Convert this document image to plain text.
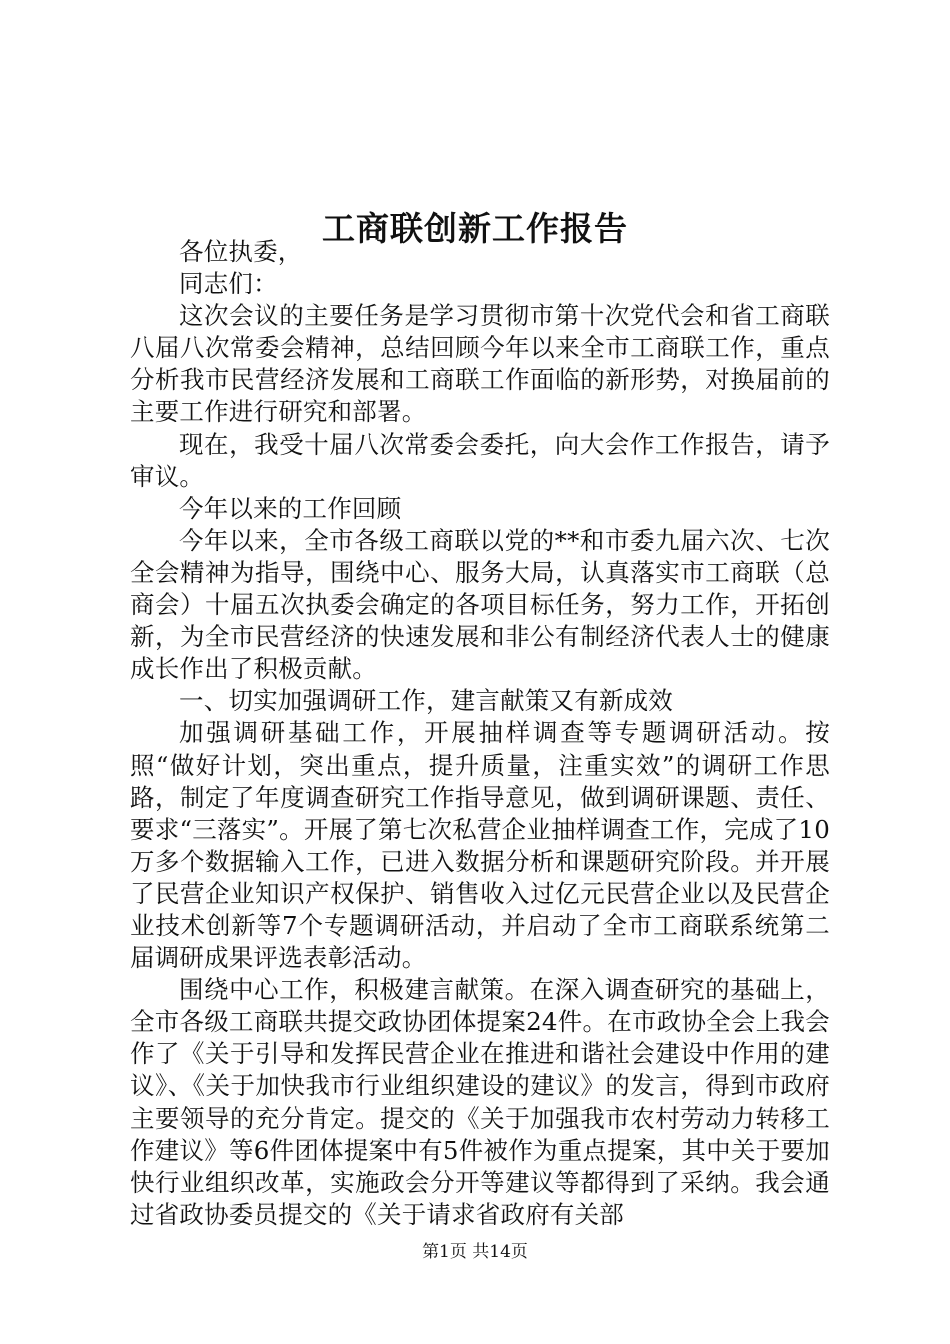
工商联创新工作报告

各位执委，

同志们：

这次会议的主要任务是学习贯彻市第十次党代会和省工商联八届八次常委会精神，总结回顾今年以来全市工商联工作，重点分析我市民营经济发展和工商联工作面临的新形势，对换届前的主要工作进行研究和部署。

现在，我受十届八次常委会委托，向大会作工作报告，请予审议。

今年以来的工作回顾

今年以来，全市各级工商联以党的**和市委九届六次、七次全会精神为指导，围绕中心、服务大局，认真落实市工商联（总商会）十届五次执委会确定的各项目标任务，努力工作，开拓创新，为全市民营经济的快速发展和非公有制经济代表人士的健康成长作出了积极贡献。

一、切实加强调研工作，建言献策又有新成效

加强调研基础工作，开展抽样调查等专题调研活动。按照“做好计划，突出重点，提升质量，注重实效”的调研工作思路，制定了年度调查研究工作指导意见，做到调研课题、责任、要求“三落实”。开展了第七次私营企业抽样调查工作，完成了10万多个数据输入工作，已进入数据分析和课题研究阶段。并开展了民营企业知识产权保护、销售收入过亿元民营企业以及民营企业技术创新等7个专题调研活动，并启动了全市工商联系统第二届调研成果评选表彰活动。

围绕中心工作，积极建言献策。在深入调查研究的基础上，全市各级工商联共提交政协团体提案24件。在市政协全会上我会作了《关于引导和发挥民营企业在推进和谐社会建设中作用的建议》、《关于加快我市行业组织建设的建议》的发言，得到市政府主要领导的充分肯定。提交的《关于加强我市农村劳动力转移工作建议》等6件团体提案中有5件被作为重点提案，其中关于要加快行业组织改革，实施政会分开等建议等都得到了采纳。我会通过省政协委员提交的《关于请求省政府有关部

第1页 共14页
